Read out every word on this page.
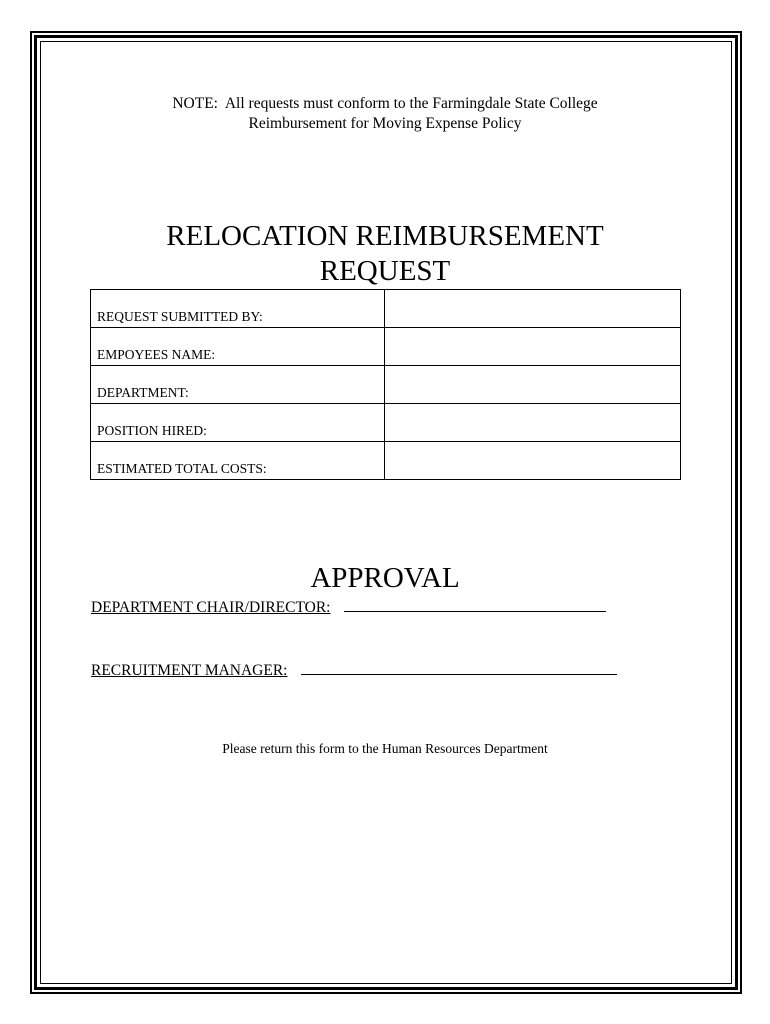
NOTE:  All requests must conform to the Farmingdale State College
Reimbursement for Moving Expense Policy
RELOCATION REIMBURSEMENT
REQUEST
REQUEST SUBMITTED BY:	
EMPOYEES NAME:	
DEPARTMENT:	
POSITION HIRED:	
ESTIMATED TOTAL COSTS:	
APPROVAL
DEPARTMENT CHAIR/DIRECTOR:
RECRUITMENT MANAGER:
Please return this form to the Human Resources Department
